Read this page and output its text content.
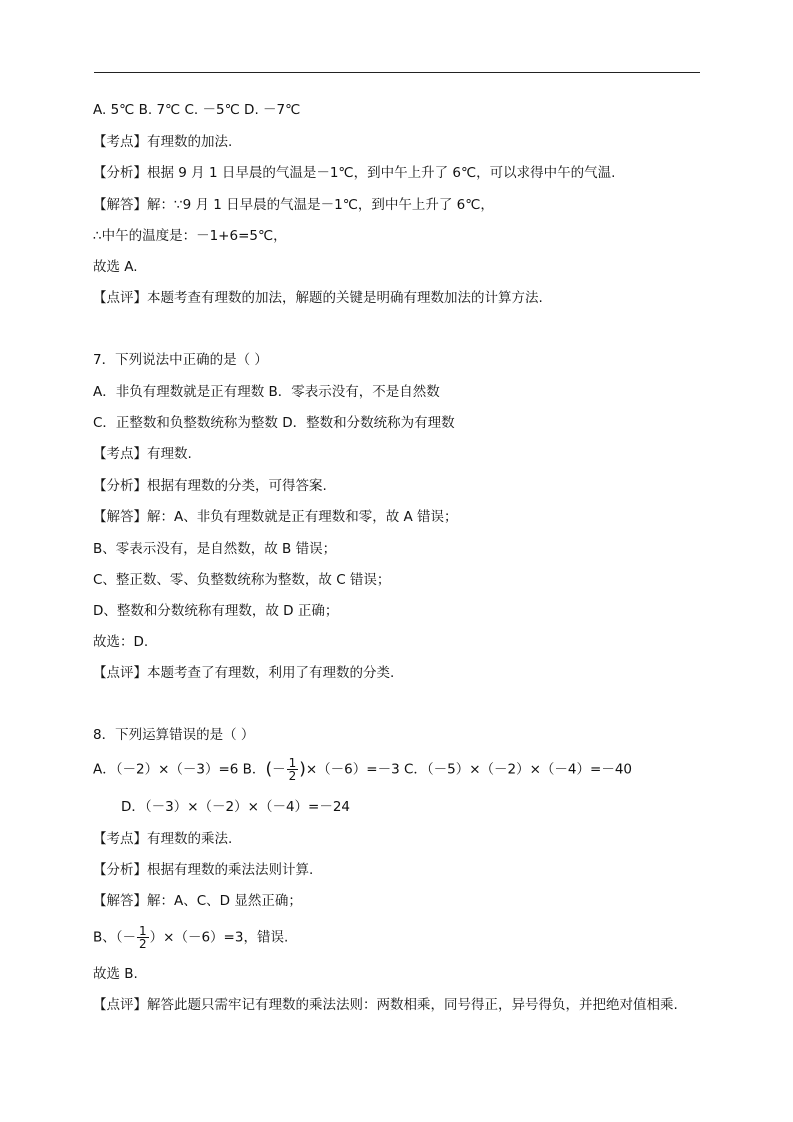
A. 5℃ B. 7℃ C. －5℃ D. －7℃
【考点】有理数的加法.
【分析】根据 9 月 1 日早晨的气温是－1℃，到中午上升了 6℃，可以求得中午的气温.
【解答】解：∵9 月 1 日早晨的气温是－1℃，到中午上升了 6℃，
∴中午的温度是：－1+6=5℃，
故选 A.
【点评】本题考查有理数的加法，解题的关键是明确有理数加法的计算方法.
7．下列说法中正确的是（ ）
A．非负有理数就是正有理数 B．零表示没有，不是自然数
C．正整数和负整数统称为整数 D．整数和分数统称为有理数
【考点】有理数.
【分析】根据有理数的分类，可得答案.
【解答】解：A、非负有理数就是正有理数和零，故 A 错误；
B、零表示没有，是自然数，故 B 错误；
C、整正数、零、负整数统称为整数，故 C 错误；
D、整数和分数统称有理数，故 D 正确；
故选：D.
【点评】本题考查了有理数，利用了有理数的分类.
8．下列运算错误的是（ ）
A．（－2）×（－3）=6 B．(－ $\frac{1}{2} )\times(-6)=-3$ C．（－5）×（－2）×（－4）=－40
D．（－3）×（－2）×（－4）=－24
【考点】有理数的乘法.
【分析】根据有理数的乘法法则计算.
【解答】解：A、C、D 显然正确；
B、（－ $\frac{1}{2} )\times(-6)=3$，错误.
故选 B.
【点评】解答此题只需牢记有理数的乘法法则：两数相乘，同号得正，异号得负，并把绝对值相乘.
